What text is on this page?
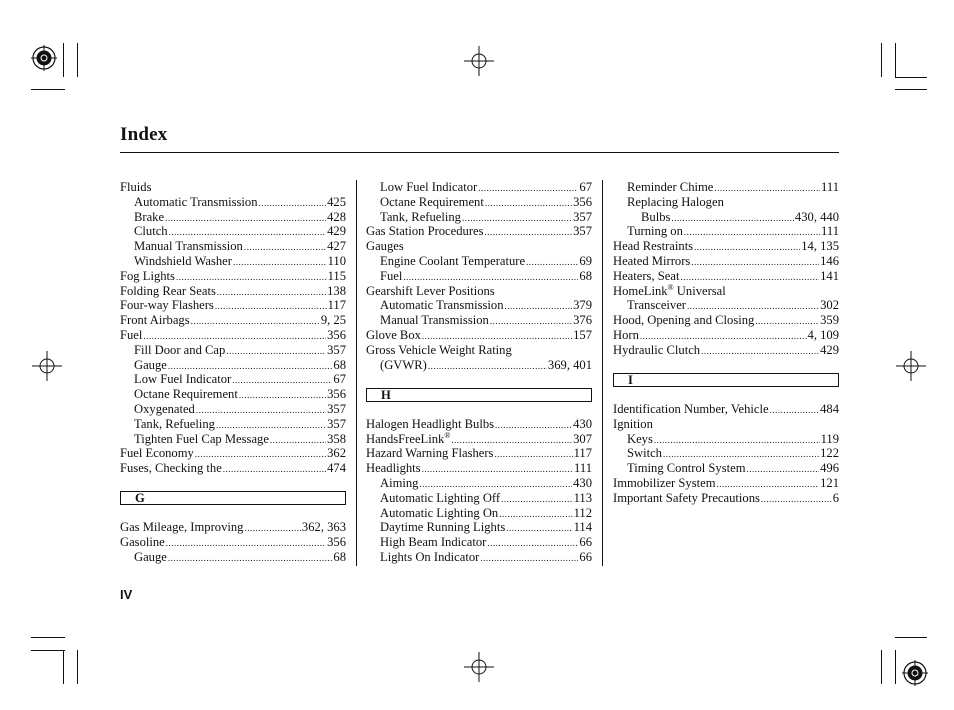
Index
Fluids
Automatic Transmission .....	425
Brake .....	428
Clutch .....	429
Manual Transmission .....	427
Windshield Washer .....	110
Fog Lights .....	115
Folding Rear Seats .....	138
Four-way Flashers .....	117
Front Airbags .....	9, 25
Fuel .....	356
Fill Door and Cap .....	357
Gauge .....	68
Low Fuel Indicator .....	67
Octane Requirement .....	356
Oxygenated .....	357
Tank, Refueling .....	357
Tighten Fuel Cap Message .....	358
Fuel Economy .....	362
Fuses, Checking the .....	474
G
Gas Mileage, Improving .....	362, 363
Gasoline .....	356
Gauge .....	68
Low Fuel Indicator .....	67
Octane Requirement .....	356
Tank, Refueling .....	357
Gas Station Procedures .....	357
Gauges
Engine Coolant Temperature .....	69
Fuel .....	68
Gearshift Lever Positions
Automatic Transmission .....	379
Manual Transmission .....	376
Glove Box .....	157
Gross Vehicle Weight Rating
(GVWR) .....	369, 401
H
Halogen Headlight Bulbs .....	430
HandsFreeLink® .....	307
Hazard Warning Flashers .....	117
Headlights .....	111
Aiming .....	430
Automatic Lighting Off .....	113
Automatic Lighting On .....	112
Daytime Running Lights .....	114
High Beam Indicator .....	66
Lights On Indicator .....	66
Reminder Chime .....	111
Replacing Halogen
Bulbs .....	430, 440
Turning on .....	111
Head Restraints .....	14, 135
Heated Mirrors .....	146
Heaters, Seat .....	141
HomeLink® Universal
Transceiver .....	302
Hood, Opening and Closing .....	359
Horn .....	4, 109
Hydraulic Clutch .....	429
I
Identification Number, Vehicle .....	484
Ignition
Keys .....	119
Switch .....	122
Timing Control System .....	496
Immobilizer System .....	121
Important Safety Precautions .....	6
IV
